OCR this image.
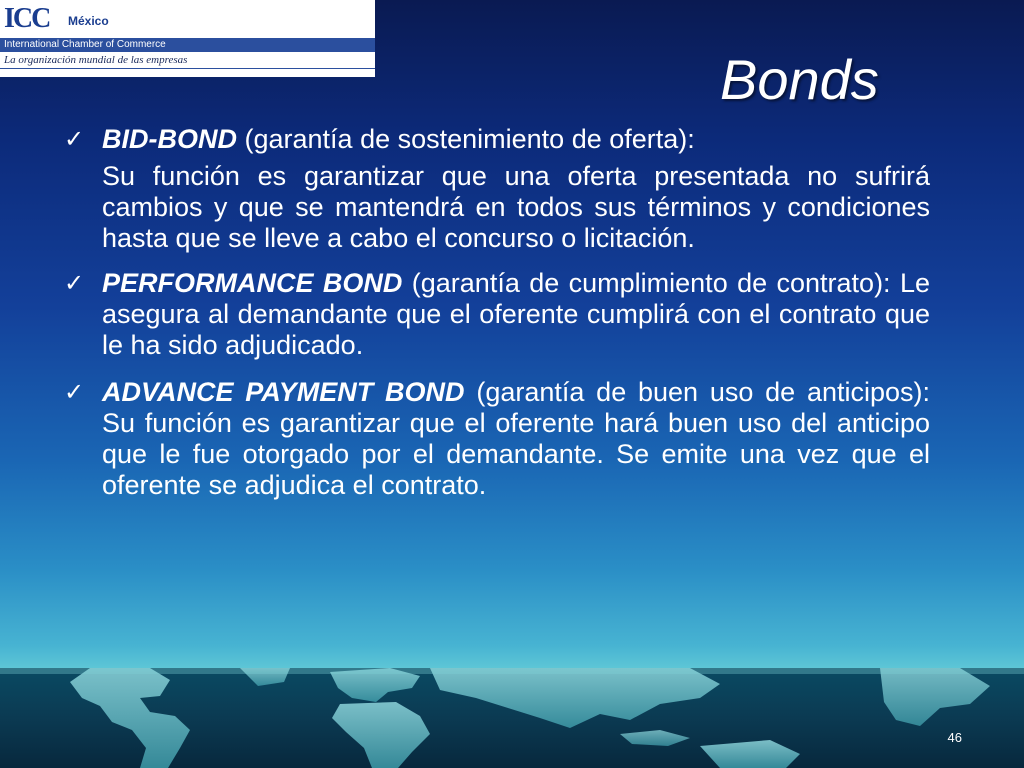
ICC	México
International Chamber of Commerce
La organización mundial de las empresas	Bonds
✓ BID-BOND (garantía de sostenimiento de oferta):

Su función es garantizar que una oferta presentada no sufrirá cambios y que se mantendrá en todos sus términos y condiciones hasta que se lleve a cabo el concurso o licitación.

✓ PERFORMANCE BOND (garantía de cumplimiento de contrato): Le asegura al demandante que el oferente cumplirá con el contrato que le ha sido adjudicado.

✓ ADVANCE PAYMENT BOND (garantía de buen uso de anticipos): Su función es garantizar que el oferente hará buen uso del anticipo que le fue otorgado por el demandante. Se emite una vez que el oferente se adjudica el contrato.

46
